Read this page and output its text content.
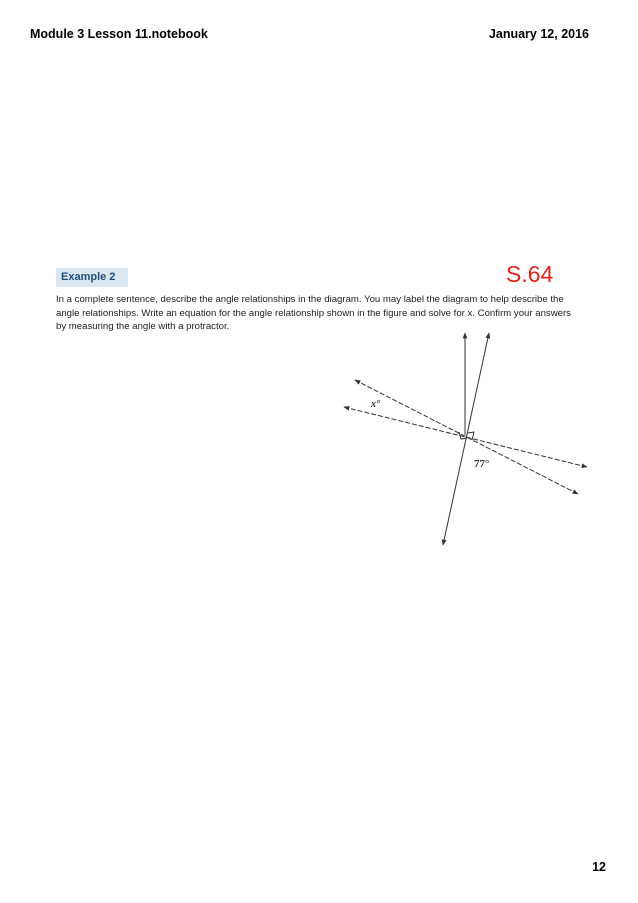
Module 3 Lesson 11.notebook	January 12, 2016
Example 2	S.64
In a complete sentence, describe the angle relationships in the diagram. You may label the diagram to help describe the angle relationships. Write an equation for the angle relationship shown in the figure and solve for x. Confirm your answers by measuring the angle with a protractor.
x°
77°
12
